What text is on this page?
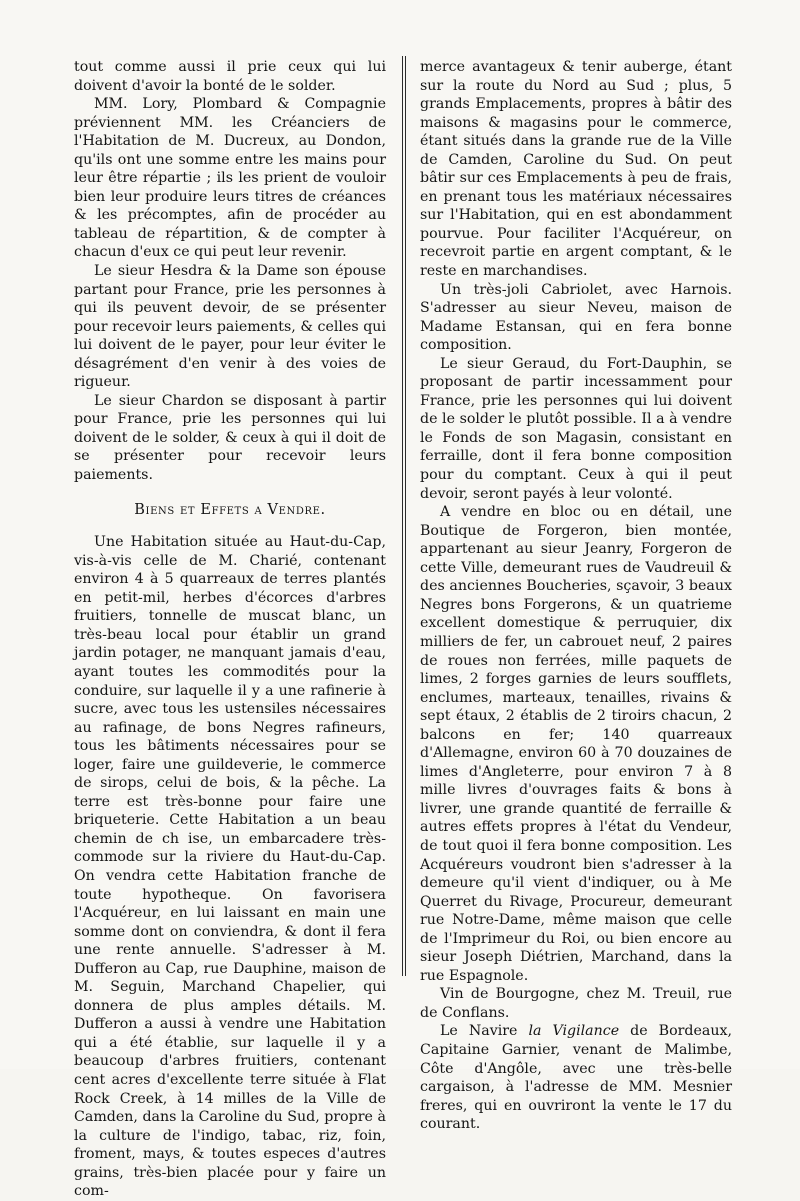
tout comme aussi il prie ceux qui lui doivent d'avoir la bonté de le solder.

MM. Lory, Plombard & Compagnie préviennent MM. les Créanciers de l'Habitation de M. Ducreux, au Dondon, qu'ils ont une somme entre les mains pour leur être répartie ; ils les prient de vouloir bien leur produire leurs titres de créances & les précomptes, afin de procéder au tableau de répartition, & de compter à chacun d'eux ce qui peut leur revenir.

Le sieur Hesdra & la Dame son épouse partant pour France, prie les personnes à qui ils peuvent devoir, de se présenter pour recevoir leurs paiements, & celles qui lui doivent de le payer, pour leur éviter le désagrément d'en venir à des voies de rigueur.

Le sieur Chardon se disposant à partir pour France, prie les personnes qui lui doivent de le solder, & ceux à qui il doit de se présenter pour recevoir leurs paiements.

Biens et Effets a Vendre.

Une Habitation située au Haut-du-Cap, vis-à-vis celle de M. Charié, contenant environ 4 à 5 quarreaux de terres plantés en petit-mil, herbes d'écorces d'arbres fruitiers, tonnelle de muscat blanc, un très-beau local pour établir un grand jardin potager, ne manquant jamais d'eau, ayant toutes les commodités pour la conduire, sur laquelle il y a une rafinerie à sucre, avec tous les ustensiles nécessaires au rafinage, de bons Negres rafineurs, tous les bâtiments nécessaires pour se loger, faire une guildeverie, le commerce de sirops, celui de bois, & la pêche. La terre est très-bonne pour faire une briqueterie. Cette Habitation a un beau chemin de ch ise, un embarcadere très-commode sur la riviere du Haut-du-Cap. On vendra cette Habitation franche de toute hypotheque. On favorisera l'Acquéreur, en lui laissant en main une somme dont on conviendra, & dont il fera une rente annuelle. S'adresser à M. Dufferon au Cap, rue Dauphine, maison de M. Seguin, Marchand Chapelier, qui donnera de plus amples détails. M. Dufferon a aussi à vendre une Habitation qui a été établie, sur laquelle il y a beaucoup d'arbres fruitiers, contenant cent acres d'excellente terre située à Flat Rock Creek, à 14 milles de la Ville de Camden, dans la Caroline du Sud, propre à la culture de l'indigo, tabac, riz, foin, froment, mays, & toutes especes d'autres grains, très-bien placée pour y faire un com-

merce avantageux & tenir auberge, étant sur la route du Nord au Sud ; plus, 5 grands Emplacements, propres à bâtir des maisons & magasins pour le commerce, étant situés dans la grande rue de la Ville de Camden, Caroline du Sud. On peut bâtir sur ces Emplacements à peu de frais, en prenant tous les matériaux nécessaires sur l'Habitation, qui en est abondamment pourvue. Pour faciliter l'Acquéreur, on recevroit partie en argent comptant, & le reste en marchandises.

Un très-joli Cabriolet, avec Harnois. S'adresser au sieur Neveu, maison de Madame Estansan, qui en fera bonne composition.

Le sieur Geraud, du Fort-Dauphin, se proposant de partir incessamment pour France, prie les personnes qui lui doivent de le solder le plutôt possible. Il a à vendre le Fonds de son Magasin, consistant en ferraille, dont il fera bonne composition pour du comptant. Ceux à qui il peut devoir, seront payés à leur volonté.

A vendre en bloc ou en détail, une Boutique de Forgeron, bien montée, appartenant au sieur Jeanry, Forgeron de cette Ville, demeurant rues de Vaudreuil & des anciennes Boucheries, sçavoir, 3 beaux Negres bons Forgerons, & un quatrieme excellent domestique & perruquier, dix milliers de fer, un cabrouet neuf, 2 paires de roues non ferrées, mille paquets de limes, 2 forges garnies de leurs soufflets, enclumes, marteaux, tenailles, rivains & sept étaux, 2 établis de 2 tiroirs chacun, 2 balcons en fer; 140 quarreaux d'Allemagne, environ 60 à 70 douzaines de limes d'Angleterre, pour environ 7 à 8 mille livres d'ouvrages faits & bons à livrer, une grande quantité de ferraille & autres effets propres à l'état du Vendeur, de tout quoi il fera bonne composition. Les Acquéreurs voudront bien s'adresser à la demeure qu'il vient d'indiquer, ou à Me Querret du Rivage, Procureur, demeurant rue Notre-Dame, même maison que celle de l'Imprimeur du Roi, ou bien encore au sieur Joseph Diétrien, Marchand, dans la rue Espagnole.

Vin de Bourgogne, chez M. Treuil, rue de Conflans.

Le Navire la Vigilance de Bordeaux, Capitaine Garnier, venant de Malimbe, Côte d'Angôle, avec une très-belle cargaison, à l'adresse de MM. Mesnier freres, qui en ouvriront la vente le 17 du courant.
